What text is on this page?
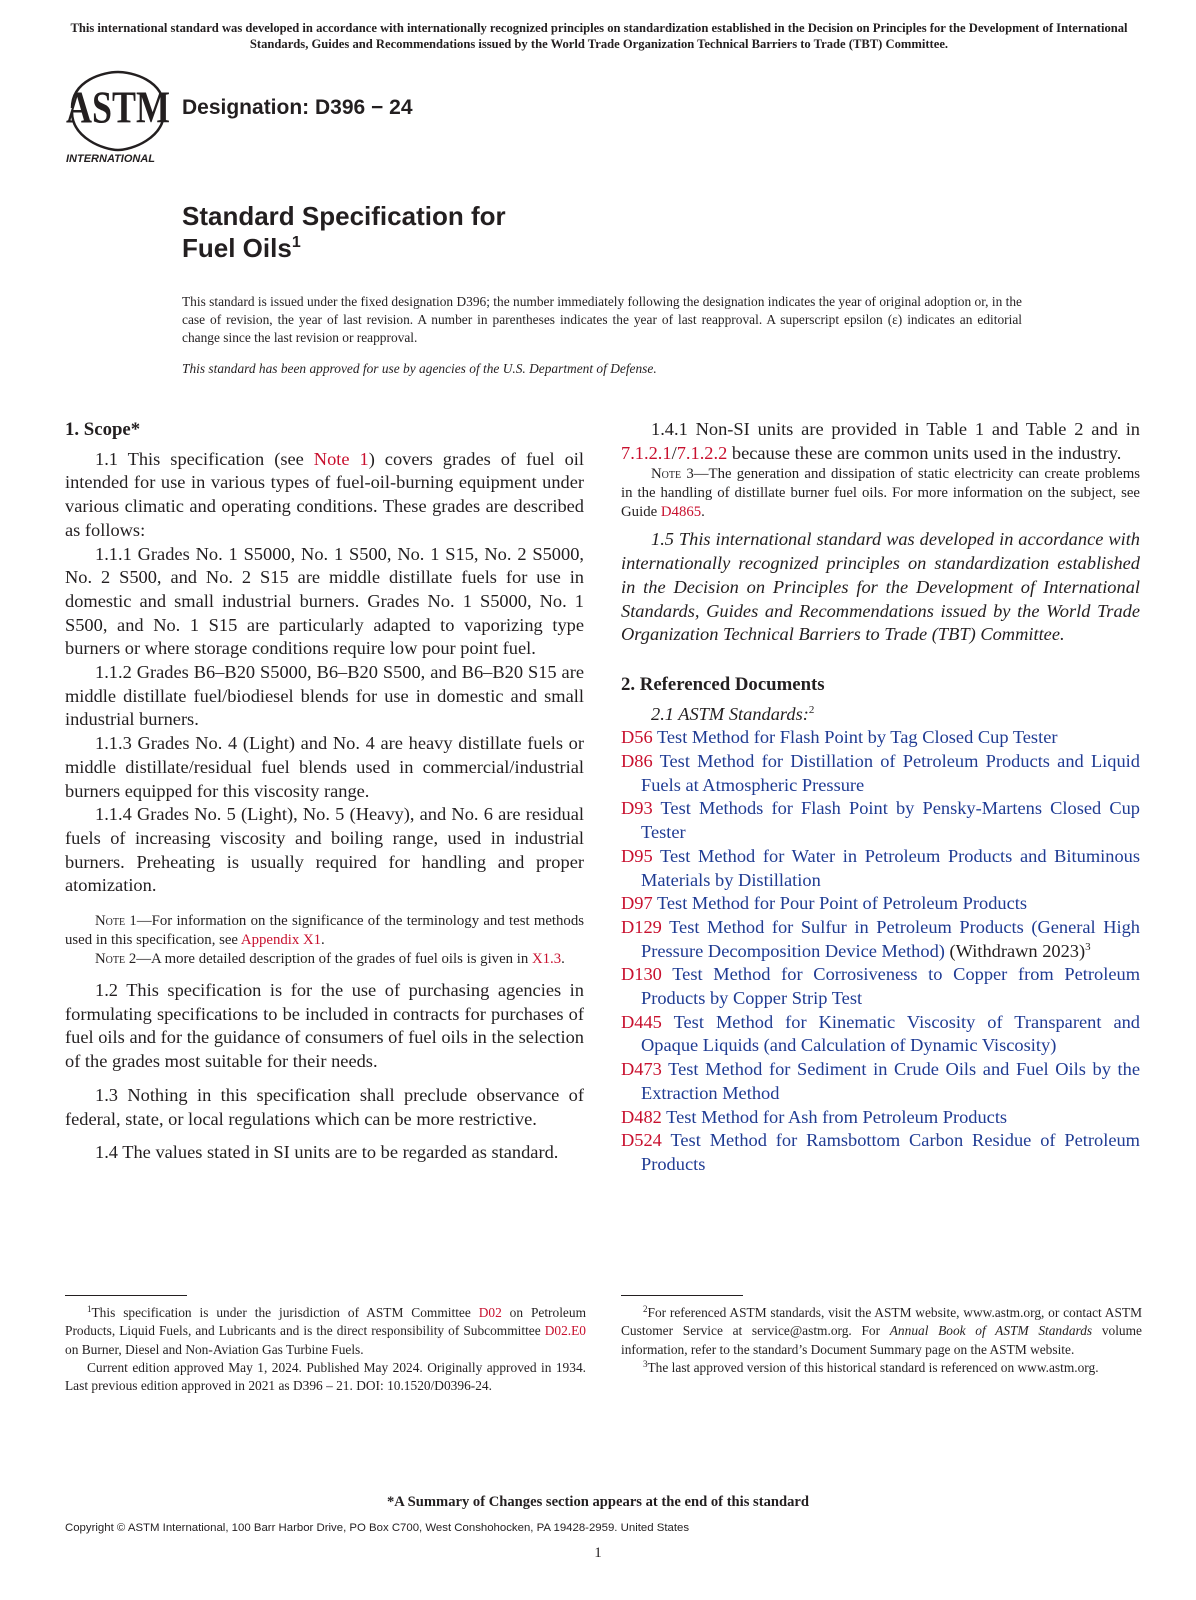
This international standard was developed in accordance with internationally recognized principles on standardization established in the Decision on Principles for the Development of International Standards, Guides and Recommendations issued by the World Trade Organization Technical Barriers to Trade (TBT) Committee.
ASTM
INTERNATIONAL
Designation: D396 − 24
Standard Specification for
Fuel Oils$^1$
This standard is issued under the fixed designation D396; the number immediately following the designation indicates the year of original adoption or, in the case of revision, the year of last revision. A number in parentheses indicates the year of last reapproval. A superscript epsilon (ε) indicates an editorial change since the last revision or reapproval.
This standard has been approved for use by agencies of the U.S. Department of Defense.

1. Scope*

1.1 This specification (see Note 1) covers grades of fuel oil intended for use in various types of fuel-oil-burning equipment under various climatic and operating conditions. These grades are described as follows:

1.1.1 Grades No. 1 S5000, No. 1 S500, No. 1 S15, No. 2 S5000, No. 2 S500, and No. 2 S15 are middle distillate fuels for use in domestic and small industrial burners. Grades No. 1 S5000, No. 1 S500, and No. 1 S15 are particularly adapted to vaporizing type burners or where storage conditions require low pour point fuel.

1.1.2 Grades B6–B20 S5000, B6–B20 S500, and B6–B20 S15 are middle distillate fuel/biodiesel blends for use in domestic and small industrial burners.

1.1.3 Grades No. 4 (Light) and No. 4 are heavy distillate fuels or middle distillate/residual fuel blends used in commercial/industrial burners equipped for this viscosity range.

1.1.4 Grades No. 5 (Light), No. 5 (Heavy), and No. 6 are residual fuels of increasing viscosity and boiling range, used in industrial burners. Preheating is usually required for handling and proper atomization.

Note 1—For information on the significance of the terminology and test methods used in this specification, see Appendix X1.

Note 2—A more detailed description of the grades of fuel oils is given in X1.3.

1.2 This specification is for the use of purchasing agencies in formulating specifications to be included in contracts for purchases of fuel oils and for the guidance of consumers of fuel oils in the selection of the grades most suitable for their needs.

1.3 Nothing in this specification shall preclude observance of federal, state, or local regulations which can be more restrictive.

1.4 The values stated in SI units are to be regarded as standard.

1.4.1 Non-SI units are provided in Table 1 and Table 2 and in 7.1.2.1/7.1.2.2 because these are common units used in the industry.

Note 3—The generation and dissipation of static electricity can create problems in the handling of distillate burner fuel oils. For more information on the subject, see Guide D4865.

1.5 This international standard was developed in accordance with internationally recognized principles on standardization established in the Decision on Principles for the Development of International Standards, Guides and Recommendations issued by the World Trade Organization Technical Barriers to Trade (TBT) Committee.

2. Referenced Documents

2.1 ASTM Standards:$^2$

D56 Test Method for Flash Point by Tag Closed Cup Tester

D86 Test Method for Distillation of Petroleum Products and Liquid Fuels at Atmospheric Pressure

D93 Test Methods for Flash Point by Pensky-Martens Closed Cup Tester

D95 Test Method for Water in Petroleum Products and Bituminous Materials by Distillation

D97 Test Method for Pour Point of Petroleum Products

D129 Test Method for Sulfur in Petroleum Products (General High Pressure Decomposition Device Method) (Withdrawn 2023)$^3$

D130 Test Method for Corrosiveness to Copper from Petroleum Products by Copper Strip Test

D445 Test Method for Kinematic Viscosity of Transparent and Opaque Liquids (and Calculation of Dynamic Viscosity)

D473 Test Method for Sediment in Crude Oils and Fuel Oils by the Extraction Method

D482 Test Method for Ash from Petroleum Products

D524 Test Method for Ramsbottom Carbon Residue of Petroleum Products

$^1$This specification is under the jurisdiction of ASTM Committee D02 on Petroleum Products, Liquid Fuels, and Lubricants and is the direct responsibility of Subcommittee D02.E0 on Burner, Diesel and Non-Aviation Gas Turbine Fuels.

Current edition approved May 1, 2024. Published May 2024. Originally approved in 1934. Last previous edition approved in 2021 as D396 – 21. DOI: 10.1520/D0396-24.

$^2$For referenced ASTM standards, visit the ASTM website, www.astm.org, or contact ASTM Customer Service at service@astm.org. For Annual Book of ASTM Standards volume information, refer to the standard’s Document Summary page on the ASTM website.

$^3$The last approved version of this historical standard is referenced on www.astm.org.

*A Summary of Changes section appears at the end of this standard
Copyright © ASTM International, 100 Barr Harbor Drive, PO Box C700, West Conshohocken, PA 19428-2959. United States
1
